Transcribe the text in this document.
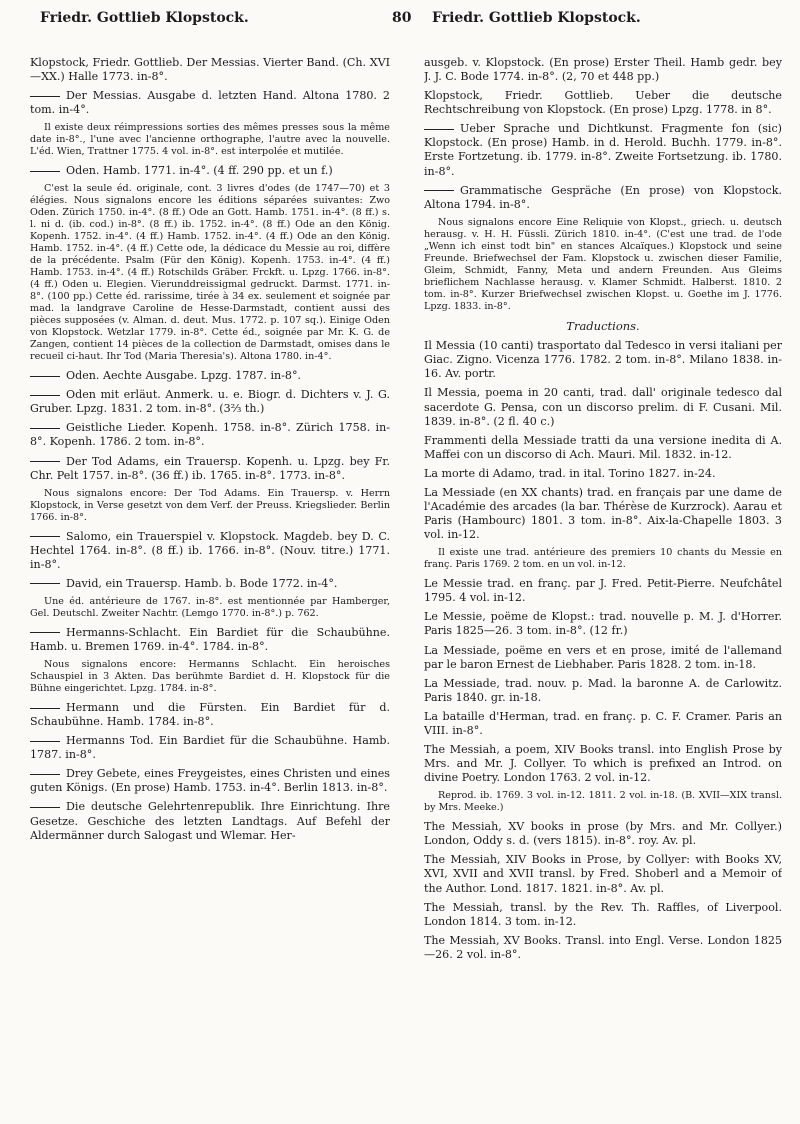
Friedr. Gottlieb Klopstock.	80 Friedr. Gottlieb Klopstock.
Klopstock, Friedr. Gottlieb. Der Messias. Vierter Band. (Ch. XVI—XX.) Halle 1773. in-8°.
Der Messias. Ausgabe d. letzten Hand. Altona 1780. 2 tom. in-4°.
Il existe deux réimpressions sorties des mêmes presses sous la même date in-8°., l'une avec l'ancienne orthographe, l'autre avec la nouvelle. L'éd. Wien, Trattner 1775. 4 vol. in-8°. est interpolée et mutilée.
Oden. Hamb. 1771. in-4°. (4 ff. 290 pp. et un f.)
C'est la seule éd. originale, cont. 3 livres d'odes (de 1747—70) et 3 élégies. Nous signalons encore les éditions séparées suivantes: Zwo Oden. Zürich 1750. in-4°. (8 ff.) Ode an Gott. Hamb. 1751. in-4°. (8 ff.) s. l. ni d. (ib. cod.) in-8°. (8 ff.) ib. 1752. in-4°. (8 ff.) Ode an den König. Kopenh. 1752. in-4°. (4 ff.) Hamb. 1752. in-4°. (4 ff.) Ode an den König. Hamb. 1752. in-4°. (4 ff.) Cette ode, la dédicace du Messie au roi, diffère de la précédente. Psalm (Für den König). Kopenh. 1753. in-4°. (4 ff.) Hamb. 1753. in-4°. (4 ff.) Rotschilds Gräber. Frckft. u. Lpzg. 1766. in-8°. (4 ff.) Oden u. Elegien. Vierunddreissigmal gedruckt. Darmst. 1771. in-8°. (100 pp.) Cette éd. rarissime, tirée à 34 ex. seulement et soignée par mad. la landgrave Caroline de Hesse-Darmstadt, contient aussi des pièces supposées (v. Alman. d. deut. Mus. 1772. p. 107 sq.). Einige Oden von Klopstock. Wetzlar 1779. in-8°. Cette éd., soignée par Mr. K. G. de Zangen, contient 14 pièces de la collection de Darmstadt, omises dans le recueil ci-haut. Ihr Tod (Maria Theresia's). Altona 1780. in-4°.
Oden. Aechte Ausgabe. Lpzg. 1787. in-8°.
Oden mit erläut. Anmerk. u. e. Biogr. d. Dichters v. J. G. Gruber. Lpzg. 1831. 2 tom. in-8°. (3⅔ th.)
Geistliche Lieder. Kopenh. 1758. in-8°. Zürich 1758. in-8°. Kopenh. 1786. 2 tom. in-8°.
Der Tod Adams, ein Trauersp. Kopenh. u. Lpzg. bey Fr. Chr. Pelt 1757. in-8°. (36 ff.) ib. 1765. in-8°. 1773. in-8°.
Nous signalons encore: Der Tod Adams. Ein Trauersp. v. Herrn Klopstock, in Verse gesetzt von dem Verf. der Preuss. Kriegslieder. Berlin 1766. in-8°.
Salomo, ein Trauerspiel v. Klopstock. Magdeb. bey D. C. Hechtel 1764. in-8°. (8 ff.) ib. 1766. in-8°. (Nouv. titre.) 1771. in-8°.
David, ein Trauersp. Hamb. b. Bode 1772. in-4°.
Une éd. antérieure de 1767. in-8°. est mentionnée par Hamberger, Gel. Deutschl. Zweiter Nachtr. (Lemgo 1770. in-8°.) p. 762.
Hermanns-Schlacht. Ein Bardiet für die Schaubühne. Hamb. u. Bremen 1769. in-4°. 1784. in-8°.
Nous signalons encore: Hermanns Schlacht. Ein heroisches Schauspiel in 3 Akten. Das berühmte Bardiet d. H. Klopstock für die Bühne eingerichtet. Lpzg. 1784. in-8°.
Hermann und die Fürsten. Ein Bardiet für d. Schaubühne. Hamb. 1784. in-8°.
Hermanns Tod. Ein Bardiet für die Schaubühne. Hamb. 1787. in-8°.
Drey Gebete, eines Freygeistes, eines Christen und eines guten Königs. (En prose) Hamb. 1753. in-4°. Berlin 1813. in-8°.
Die deutsche Gelehrtenrepublik. Ihre Einrichtung. Ihre Gesetze. Geschiche des letzten Landtags. Auf Befehl der Aldermänner durch Salogast und Wlemar. Her-
ausgeb. v. Klopstock. (En prose) Erster Theil. Hamb gedr. bey J. J. C. Bode 1774. in-8°. (2, 70 et 448 pp.)
Klopstock, Friedr. Gottlieb. Ueber die deutsche Rechtschreibung von Klopstock. (En prose) Lpzg. 1778. in 8°.
Ueber Sprache und Dichtkunst. Fragmente fon (sic) Klopstock. (En prose) Hamb. in d. Herold. Buchh. 1779. in-8°. Erste Fortzetung. ib. 1779. in-8°. Zweite Fortsetzung. ib. 1780. in-8°.
Grammatische Gespräche (En prose) von Klopstock. Altona 1794. in-8°.
Nous signalons encore Eine Reliquie von Klopst., griech. u. deutsch herausg. v. H. H. Füssli. Zürich 1810. in-4°. (C'est une trad. de l'ode „Wenn ich einst todt bin" en stances Alcaïques.) Klopstock und seine Freunde. Briefwechsel der Fam. Klopstock u. zwischen dieser Familie, Gleim, Schmidt, Fanny, Meta und andern Freunden. Aus Gleims brieflichem Nachlasse herausg. v. Klamer Schmidt. Halberst. 1810. 2 tom. in-8°. Kurzer Briefwechsel zwischen Klopst. u. Goethe im J. 1776. Lpzg. 1833. in-8°.
Traductions.
Il Messia (10 canti) trasportato dal Tedesco in versi italiani per Giac. Zigno. Vicenza 1776. 1782. 2 tom. in-8°. Milano 1838. in-16. Av. portr.
Il Messia, poema in 20 canti, trad. dall' originale tedesco dal sacerdote G. Pensa, con un discorso prelim. di F. Cusani. Mil. 1839. in-8°. (2 fl. 40 c.)
Frammenti della Messiade tratti da una versione inedita di A. Maffei con un discorso di Ach. Mauri. Mil. 1832. in-12.
La morte di Adamo, trad. in ital. Torino 1827. in-24.
La Messiade (en XX chants) trad. en français par une dame de l'Académie des arcades (la bar. Thérèse de Kurzrock). Aarau et Paris (Hambourc) 1801. 3 tom. in-8°. Aix-la-Chapelle 1803. 3 vol. in-12.
Il existe une trad. antérieure des premiers 10 chants du Messie en franç. Paris 1769. 2 tom. en un vol. in-12.
Le Messie trad. en franç. par J. Fred. Petit-Pierre. Neufchâtel 1795. 4 vol. in-12.
Le Messie, poëme de Klopst.: trad. nouvelle p. M. J. d'Horrer. Paris 1825—26. 3 tom. in-8°. (12 fr.)
La Messiade, poëme en vers et en prose, imité de l'allemand par le baron Ernest de Liebhaber. Paris 1828. 2 tom. in-18.
La Messiade, trad. nouv. p. Mad. la baronne A. de Carlowitz. Paris 1840. gr. in-18.
La bataille d'Herman, trad. en franç. p. C. F. Cramer. Paris an VIII. in-8°.
The Messiah, a poem, XIV Books transl. into English Prose by Mrs. and Mr. J. Collyer. To which is prefixed an Introd. on divine Poetry. London 1763. 2 vol. in-12.
Reprod. ib. 1769. 3 vol. in-12. 1811. 2 vol. in-18. (B. XVII—XIX transl. by Mrs. Meeke.)
The Messiah, XV books in prose (by Mrs. and Mr. Collyer.) London, Oddy s. d. (vers 1815). in-8°. roy. Av. pl.
The Messiah, XIV Books in Prose, by Collyer: with Books XV, XVI, XVII and XVII transl. by Fred. Shoberl and a Memoir of the Author. Lond. 1817. 1821. in-8°. Av. pl.
The Messiah, transl. by the Rev. Th. Raffles, of Liverpool. London 1814. 3 tom. in-12.
The Messiah, XV Books. Transl. into Engl. Verse. London 1825—26. 2 vol. in-8°.
